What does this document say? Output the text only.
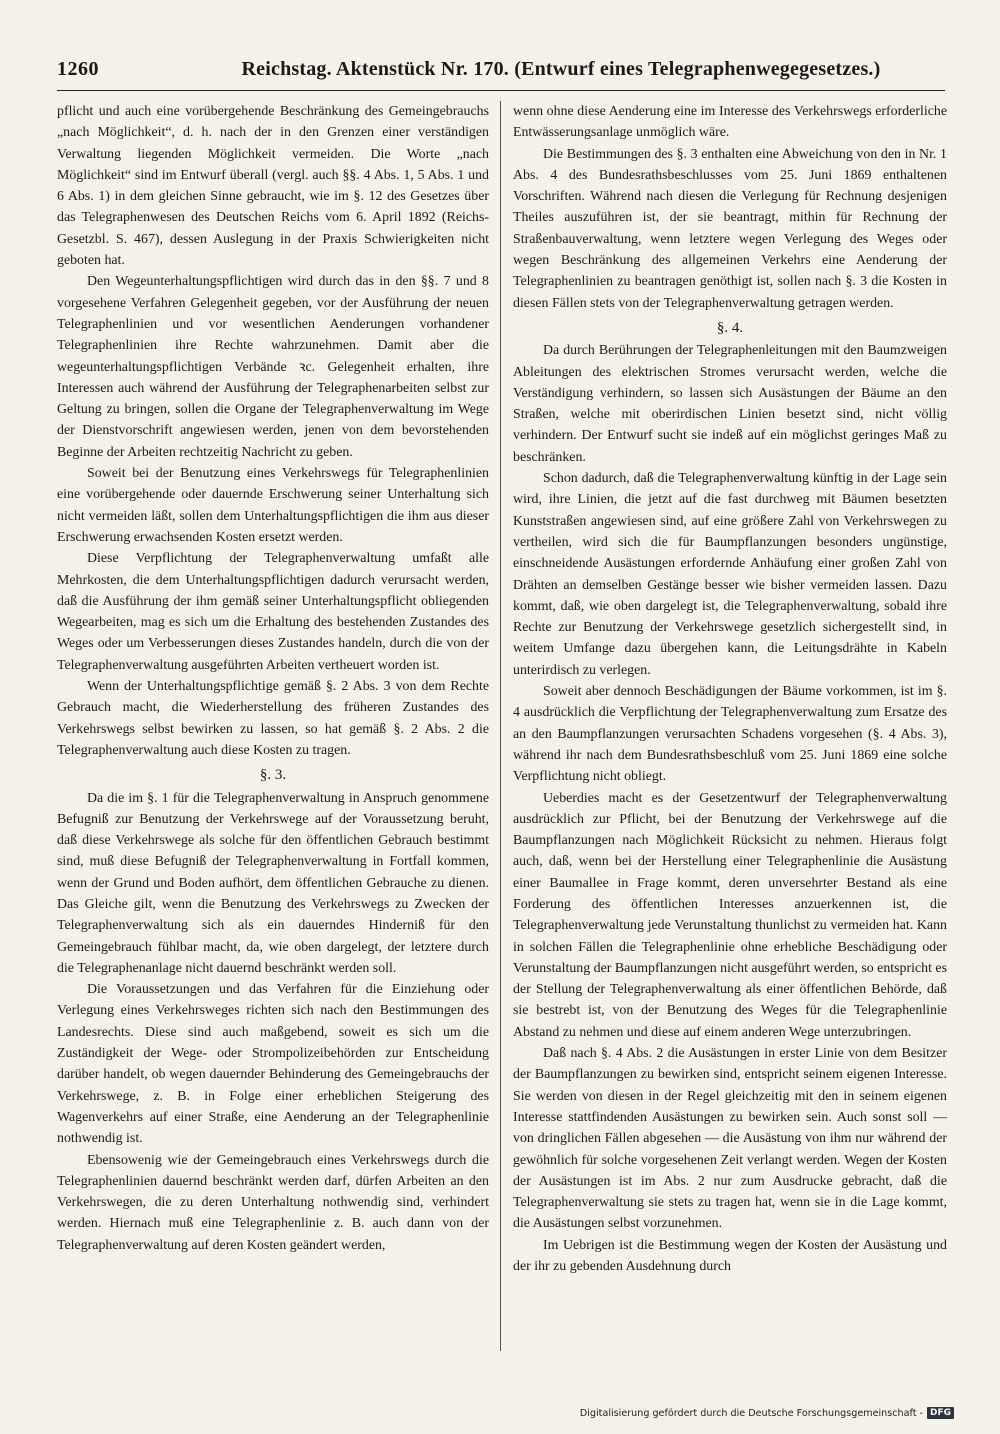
1260	Reichstag. Aktenstück Nr. 170. (Entwurf eines Telegraphenwegegesetzes.)

pflicht und auch eine vorübergehende Beschränkung des Gemeingebrauchs „nach Möglichkeit“, d. h. nach der in den Grenzen einer verständigen Verwaltung liegenden Möglichkeit vermeiden. Die Worte „nach Möglichkeit“ sind im Entwurf überall (vergl. auch §§. 4 Abs. 1, 5 Abs. 1 und 6 Abs. 1) in dem gleichen Sinne gebraucht, wie im §. 12 des Gesetzes über das Telegraphenwesen des Deutschen Reichs vom 6. April 1892 (Reichs-Gesetzbl. S. 467), dessen Auslegung in der Praxis Schwierigkeiten nicht geboten hat.

Den Wegeunterhaltungspflichtigen wird durch das in den §§. 7 und 8 vorgesehene Verfahren Gelegenheit gegeben, vor der Ausführung der neuen Telegraphenlinien und vor wesentlichen Aenderungen vorhandener Telegraphenlinien ihre Rechte wahrzunehmen. Damit aber die wegeunterhaltungspflichtigen Verbände ꝛc. Gelegenheit erhalten, ihre Interessen auch während der Ausführung der Telegraphenarbeiten selbst zur Geltung zu bringen, sollen die Organe der Telegraphenverwaltung im Wege der Dienstvorschrift angewiesen werden, jenen von dem bevorstehenden Beginne der Arbeiten rechtzeitig Nachricht zu geben.

Soweit bei der Benutzung eines Verkehrswegs für Telegraphenlinien eine vorübergehende oder dauernde Erschwerung seiner Unterhaltung sich nicht vermeiden läßt, sollen dem Unterhaltungspflichtigen die ihm aus dieser Erschwerung erwachsenden Kosten ersetzt werden.

Diese Verpflichtung der Telegraphenverwaltung umfaßt alle Mehrkosten, die dem Unterhaltungspflichtigen dadurch verursacht werden, daß die Ausführung der ihm gemäß seiner Unterhaltungspflicht obliegenden Wegearbeiten, mag es sich um die Erhaltung des bestehenden Zustandes des Weges oder um Verbesserungen dieses Zustandes handeln, durch die von der Telegraphenverwaltung ausgeführten Arbeiten vertheuert worden ist.

Wenn der Unterhaltungspflichtige gemäß §. 2 Abs. 3 von dem Rechte Gebrauch macht, die Wiederherstellung des früheren Zustandes des Verkehrswegs selbst bewirken zu lassen, so hat gemäß §. 2 Abs. 2 die Telegraphenverwaltung auch diese Kosten zu tragen.

§. 3.

Da die im §. 1 für die Telegraphenverwaltung in Anspruch genommene Befugniß zur Benutzung der Verkehrswege auf der Voraussetzung beruht, daß diese Verkehrswege als solche für den öffentlichen Gebrauch bestimmt sind, muß diese Befugniß der Telegraphenverwaltung in Fortfall kommen, wenn der Grund und Boden aufhört, dem öffentlichen Gebrauche zu dienen. Das Gleiche gilt, wenn die Benutzung des Verkehrswegs zu Zwecken der Telegraphenverwaltung sich als ein dauerndes Hinderniß für den Gemeingebrauch fühlbar macht, da, wie oben dargelegt, der letztere durch die Telegraphenanlage nicht dauernd beschränkt werden soll.

Die Voraussetzungen und das Verfahren für die Einziehung oder Verlegung eines Verkehrsweges richten sich nach den Bestimmungen des Landesrechts. Diese sind auch maßgebend, soweit es sich um die Zuständigkeit der Wege- oder Strompolizeibehörden zur Entscheidung darüber handelt, ob wegen dauernder Behinderung des Gemeingebrauchs der Verkehrswege, z. B. in Folge einer erheblichen Steigerung des Wagenverkehrs auf einer Straße, eine Aenderung an der Telegraphenlinie nothwendig ist.

Ebensowenig wie der Gemeingebrauch eines Verkehrswegs durch die Telegraphenlinien dauernd beschränkt werden darf, dürfen Arbeiten an den Verkehrswegen, die zu deren Unterhaltung nothwendig sind, verhindert werden. Hiernach muß eine Telegraphenlinie z. B. auch dann von der Telegraphenverwaltung auf deren Kosten geändert werden,

wenn ohne diese Aenderung eine im Interesse des Verkehrswegs erforderliche Entwässerungsanlage unmöglich wäre.

Die Bestimmungen des §. 3 enthalten eine Abweichung von den in Nr. 1 Abs. 4 des Bundesrathsbeschlusses vom 25. Juni 1869 enthaltenen Vorschriften. Während nach diesen die Verlegung für Rechnung desjenigen Theiles auszuführen ist, der sie beantragt, mithin für Rechnung der Straßenbauverwaltung, wenn letztere wegen Verlegung des Weges oder wegen Beschränkung des allgemeinen Verkehrs eine Aenderung der Telegraphenlinien zu beantragen genöthigt ist, sollen nach §. 3 die Kosten in diesen Fällen stets von der Telegraphenverwaltung getragen werden.

§. 4.

Da durch Berührungen der Telegraphenleitungen mit den Baumzweigen Ableitungen des elektrischen Stromes verursacht werden, welche die Verständigung verhindern, so lassen sich Ausästungen der Bäume an den Straßen, welche mit oberirdischen Linien besetzt sind, nicht völlig verhindern. Der Entwurf sucht sie indeß auf ein möglichst geringes Maß zu beschränken.

Schon dadurch, daß die Telegraphenverwaltung künftig in der Lage sein wird, ihre Linien, die jetzt auf die fast durchweg mit Bäumen besetzten Kunststraßen angewiesen sind, auf eine größere Zahl von Verkehrswegen zu vertheilen, wird sich die für Baumpflanzungen besonders ungünstige, einschneidende Ausästungen erfordernde Anhäufung einer großen Zahl von Drähten an demselben Gestänge besser wie bisher vermeiden lassen. Dazu kommt, daß, wie oben dargelegt ist, die Telegraphenverwaltung, sobald ihre Rechte zur Benutzung der Verkehrswege gesetzlich sichergestellt sind, in weitem Umfange dazu übergehen kann, die Leitungsdrähte in Kabeln unterirdisch zu verlegen.

Soweit aber dennoch Beschädigungen der Bäume vorkommen, ist im §. 4 ausdrücklich die Verpflichtung der Telegraphenverwaltung zum Ersatze des an den Baumpflanzungen verursachten Schadens vorgesehen (§. 4 Abs. 3), während ihr nach dem Bundesrathsbeschluß vom 25. Juni 1869 eine solche Verpflichtung nicht obliegt.

Ueberdies macht es der Gesetzentwurf der Telegraphenverwaltung ausdrücklich zur Pflicht, bei der Benutzung der Verkehrswege auf die Baumpflanzungen nach Möglichkeit Rücksicht zu nehmen. Hieraus folgt auch, daß, wenn bei der Herstellung einer Telegraphenlinie die Ausästung einer Baumallee in Frage kommt, deren unversehrter Bestand als eine Forderung des öffentlichen Interesses anzuerkennen ist, die Telegraphenverwaltung jede Verunstaltung thunlichst zu vermeiden hat. Kann in solchen Fällen die Telegraphenlinie ohne erhebliche Beschädigung oder Verunstaltung der Baumpflanzungen nicht ausgeführt werden, so entspricht es der Stellung der Telegraphenverwaltung als einer öffentlichen Behörde, daß sie bestrebt ist, von der Benutzung des Weges für die Telegraphenlinie Abstand zu nehmen und diese auf einem anderen Wege unterzubringen.

Daß nach §. 4 Abs. 2 die Ausästungen in erster Linie von dem Besitzer der Baumpflanzungen zu bewirken sind, entspricht seinem eigenen Interesse. Sie werden von diesen in der Regel gleichzeitig mit den in seinem eigenen Interesse stattfindenden Ausästungen zu bewirken sein. Auch sonst soll — von dringlichen Fällen abgesehen — die Ausästung von ihm nur während der gewöhnlich für solche vorgesehenen Zeit verlangt werden. Wegen der Kosten der Ausästungen ist im Abs. 2 nur zum Ausdrucke gebracht, daß die Telegraphenverwaltung sie stets zu tragen hat, wenn sie in die Lage kommt, die Ausästungen selbst vorzunehmen.

Im Uebrigen ist die Bestimmung wegen der Kosten der Ausästung und der ihr zu gebenden Ausdehnung durch

Digitalisierung gefördert durch die Deutsche Forschungsgemeinschaft - DFG
